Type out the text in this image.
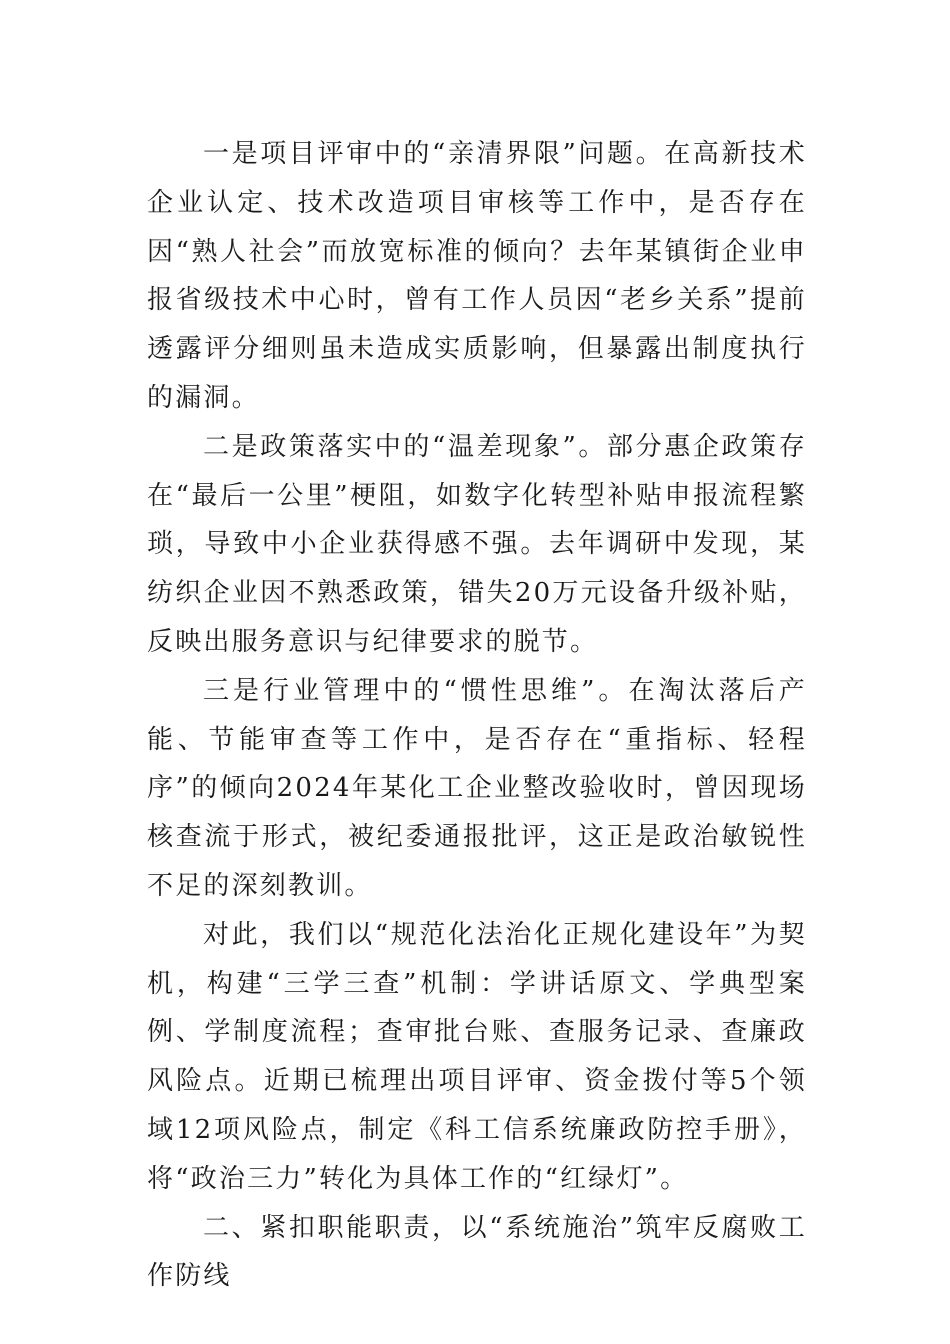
一是项目评审中的“亲清界限”问题。在高新技术企业认定、技术改造项目审核等工作中，是否存在因“熟人社会”而放宽标准的倾向？去年某镇街企业申报省级技术中心时，曾有工作人员因“老乡关系”提前透露评分细则虽未造成实质影响，但暴露出制度执行的漏洞。

二是政策落实中的“温差现象”。部分惠企政策存在“最后一公里”梗阻，如数字化转型补贴申报流程繁琐，导致中小企业获得感不强。去年调研中发现，某纺织企业因不熟悉政策，错失20万元设备升级补贴，反映出服务意识与纪律要求的脱节。

三是行业管理中的“惯性思维”。在淘汰落后产能、节能审查等工作中，是否存在“重指标、轻程序”的倾向2024年某化工企业整改验收时，曾因现场核查流于形式，被纪委通报批评，这正是政治敏锐性不足的深刻教训。

对此，我们以“规范化法治化正规化建设年”为契机，构建“三学三查”机制：学讲话原文、学典型案例、学制度流程；查审批台账、查服务记录、查廉政风险点。近期已梳理出项目评审、资金拨付等5个领域12项风险点，制定《科工信系统廉政防控手册》，将“政治三力”转化为具体工作的“红绿灯”。

二、紧扣职能职责，以“系统施治”筑牢反腐败工作防线
